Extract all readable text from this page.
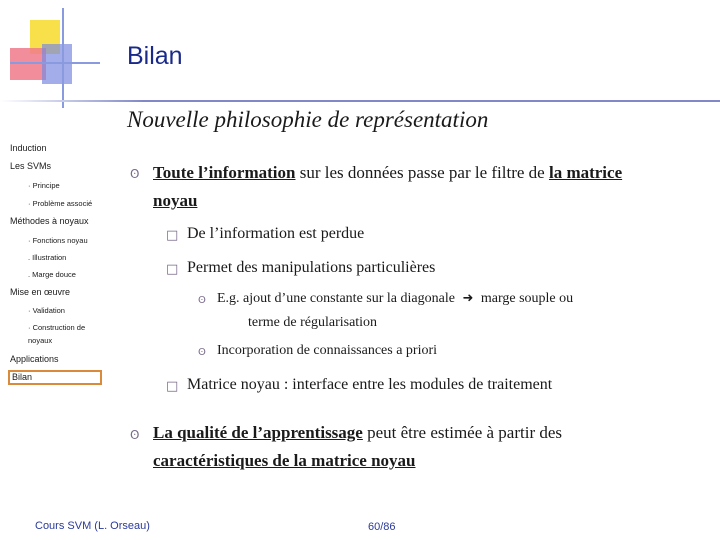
Bilan
Nouvelle philosophie de représentation
Induction
Les SVMs
· Principe
· Problème associé
Méthodes à noyaux
· Fonctions noyau
. Illustration
. Marge douce
Mise en œuvre
· Validation
· Construction de
noyaux
Applications
Bilan
ʘ Toute l’information sur les données passe par le filtre de la matrice
noyau
□ De l’information est perdue
□ Permet des manipulations particulières
ʘ E.g. ajout d’une constante sur la diagonale ➜ marge souple ou
terme de régularisation
ʘ Incorporation de connaissances a priori
□ Matrice noyau : interface entre les modules de traitement
ʘ La qualité de l’apprentissage peut être estimée à partir des
caractéristiques de la matrice noyau
Cours SVM (L. Orseau)	60/86
